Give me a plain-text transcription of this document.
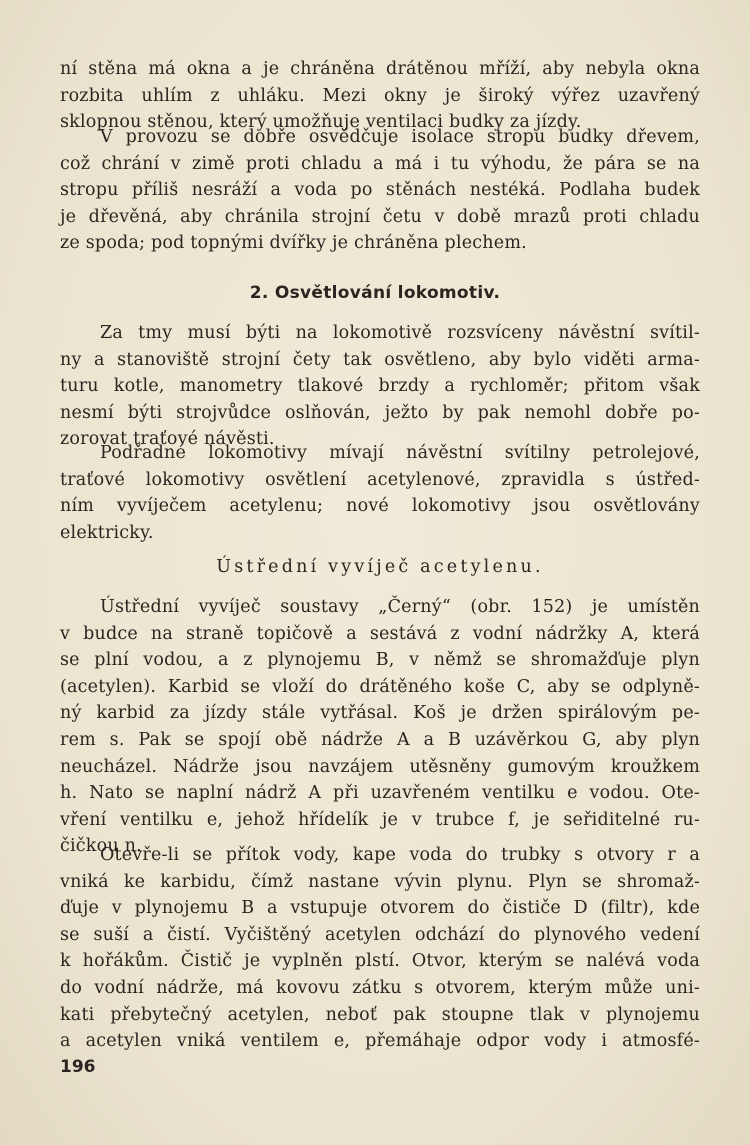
ní stěna má okna a je chráněna drátěnou mříží, aby nebyla okna
rozbita uhlím z uhláku. Mezi okny je široký výřez uzavřený
sklopnou stěnou, který umožňuje ventilaci budky za jízdy.
V provozu se dobře osvědčuje isolace stropu budky dřevem,
což chrání v zimě proti chladu a má i tu výhodu, že pára se na
stropu příliš nesráží a voda po stěnách nestéká. Podlaha budek
je dřevěná, aby chránila strojní četu v době mrazů proti chladu
ze spoda; pod topnými dvířky je chráněna plechem.
2. Osvětlování lokomotiv.
Za tmy musí býti na lokomotivě rozsvíceny návěstní svítil-
ny a stanoviště strojní čety tak osvětleno, aby bylo viděti arma-
turu kotle, manometry tlakové brzdy a rychloměr; přitom však
nesmí býti strojvůdce oslňován, ježto by pak nemohl dobře po-
zorovat traťové návěsti.
Podřadné lokomotivy mívají návěstní svítilny petrolejové,
traťové lokomotivy osvětlení acetylenové, zpravidla s ústřed-
ním vyvíječem acetylenu; nové lokomotivy jsou osvětlovány
elektricky.
Ústřední vyvíječ acetylenu.
Ústřední vyvíječ soustavy „Černý“ (obr. 152) je umístěn
v budce na straně topičově a sestává z vodní nádržky A, která
se plní vodou, a z plynojemu B, v němž se shromažďuje plyn
(acetylen). Karbid se vloží do drátěného koše C, aby se odplyně-
ný karbid za jízdy stále vytřásal. Koš je držen spirálovým pe-
rem s. Pak se spojí obě nádrže A a B uzávěrkou G, aby plyn
neucházel. Nádrže jsou navzájem utěsněny gumovým kroužkem
h. Nato se naplní nádrž A při uzavřeném ventilku e vodou. Ote-
vření ventilku e, jehož hřídelík je v trubce f, je seřiditelné ru-
čičkou n.
Otevře-li se přítok vody, kape voda do trubky s otvory r a
vniká ke karbidu, čímž nastane vývin plynu. Plyn se shromaž-
ďuje v plynojemu B a vstupuje otvorem do čističe D (filtr), kde
se suší a čistí. Vyčištěný acetylen odchází do plynového vedení
k hořákům. Čistič je vyplněn plstí. Otvor, kterým se nalévá voda
do vodní nádrže, má kovovu zátku s otvorem, kterým může uni-
kati přebytečný acetylen, neboť pak stoupne tlak v plynojemu
a acetylen vniká ventilem e, přemáhaje odpor vody i atmosfé-
196
